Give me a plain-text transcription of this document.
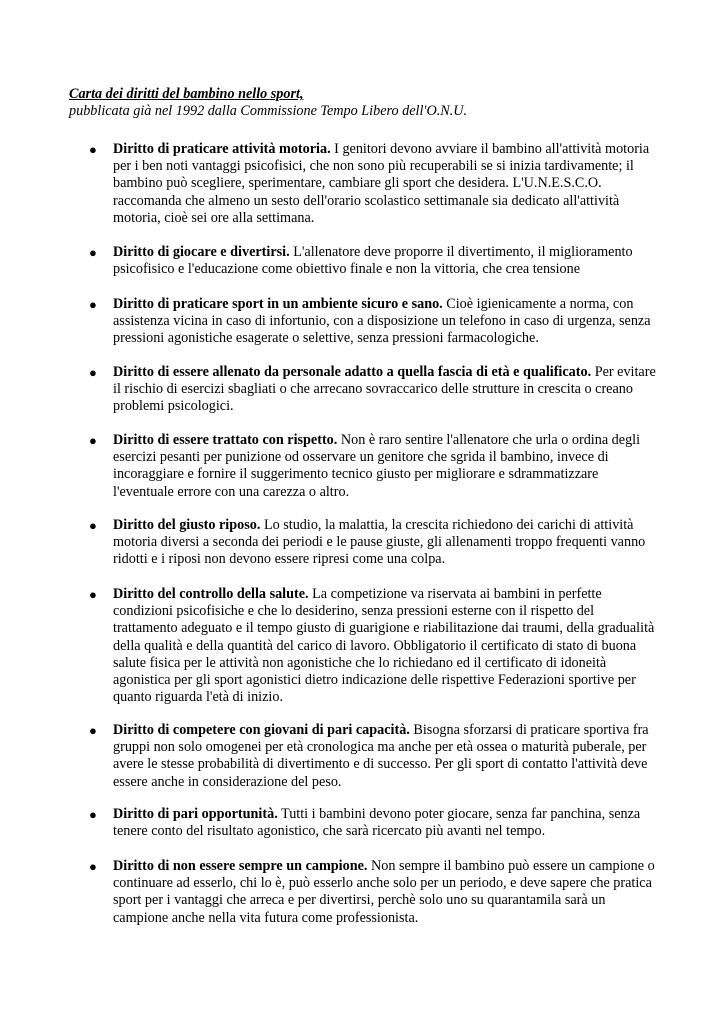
Carta dei diritti del bambino nello sport,
pubblicata già nel 1992 dalla Commissione Tempo Libero dell'O.N.U.
● Diritto di praticare attività motoria. I genitori devono avviare il bambino all'attività motoria per i ben noti vantaggi psicofisici, che non sono più recuperabili se si inizia tardivamente; il bambino può scegliere, sperimentare, cambiare gli sport che desidera. L'U.N.E.S.C.O. raccomanda che almeno un sesto dell'orario scolastico settimanale sia dedicato all'attività motoria, cioè sei ore alla settimana.
● Diritto di giocare e divertirsi. L'allenatore deve proporre il divertimento, il miglioramento psicofisico e l'educazione come obiettivo finale e non la vittoria, che crea tensione
● Diritto di praticare sport in un ambiente sicuro e sano. Cioè igienicamente a norma, con assistenza vicina in caso di infortunio, con a disposizione un telefono in caso di urgenza, senza pressioni agonistiche esagerate o selettive, senza pressioni farmacologiche.
● Diritto di essere allenato da personale adatto a quella fascia di età e qualificato. Per evitare il rischio di esercizi sbagliati o che arrecano sovraccarico delle strutture in crescita o creano problemi psicologici.
● Diritto di essere trattato con rispetto. Non è raro sentire l'allenatore che urla o ordina degli esercizi pesanti per punizione od osservare un genitore che sgrida il bambino, invece di incoraggiare e fornire il suggerimento tecnico giusto per migliorare e sdrammatizzare l'eventuale errore con una carezza o altro.
● Diritto del giusto riposo. Lo studio, la malattia, la crescita richiedono dei carichi di attività motoria diversi a seconda dei periodi e le pause giuste, gli allenamenti troppo frequenti vanno ridotti e i riposi non devono essere ripresi come una colpa.
● Diritto del controllo della salute. La competizione va riservata ai bambini in perfette condizioni psicofisiche e che lo desiderino, senza pressioni esterne con il rispetto del trattamento adeguato e il tempo giusto di guarigione e riabilitazione dai traumi, della gradualità della qualità e della quantità del carico di lavoro. Obbligatorio il certificato di stato di buona salute fisica per le attività non agonistiche che lo richiedano ed il certificato di idoneità agonistica per gli sport agonistici dietro indicazione delle rispettive Federazioni sportive per quanto riguarda l'età di inizio.
● Diritto di competere con giovani di pari capacità. Bisogna sforzarsi di praticare sportiva fra gruppi non solo omogenei per età cronologica ma anche per età ossea o maturità puberale, per avere le stesse probabilità di divertimento e di successo. Per gli sport di contatto l'attività deve essere anche in considerazione del peso.
● Diritto di pari opportunità. Tutti i bambini devono poter giocare, senza far panchina, senza tenere conto del risultato agonistico, che sarà ricercato più avanti nel tempo.
● Diritto di non essere sempre un campione. Non sempre il bambino può essere un campione o continuare ad esserlo, chi lo è, può esserlo anche solo per un periodo, e deve sapere che pratica sport per i vantaggi che arreca e per divertirsi, perchè solo uno su quarantamila sarà un campione anche nella vita futura come professionista.
